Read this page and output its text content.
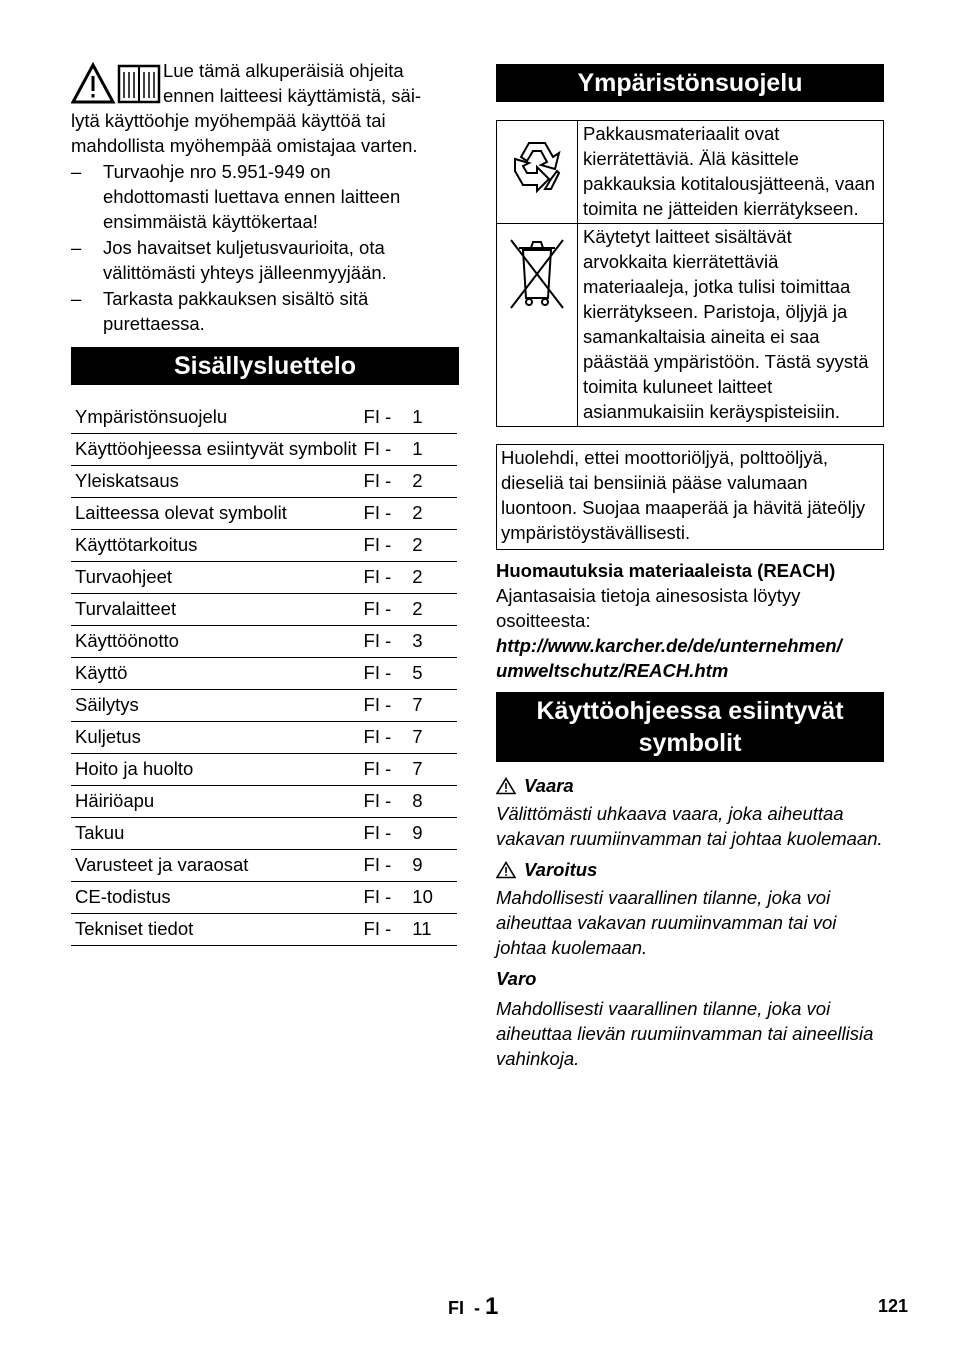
Lue tämä alkuperäisiä ohjeita
ennen laitteesi käyttämistä, säi-
lytä käyttöohje myöhempää käyttöä tai
mahdollista myöhempää omistajaa varten.

– Turvaohje nro 5.951-949 on ehdottomasti luettava ennen laitteen ensimmäistä käyttökertaa!
– Jos havaitset kuljetusvaurioita, ota välittömästi yhteys jälleenmyyjään.
– Tarkasta pakkauksen sisältö sitä purettaessa.
Sisällysluettelo
Ympäristönsuojelu	FI -	1
Käyttöohjeessa esiintyvät symbolit	FI -	1
Yleiskatsaus	FI -	2
Laitteessa olevat symbolit	FI -	2
Käyttötarkoitus	FI -	2
Turvaohjeet	FI -	2
Turvalaitteet	FI -	2
Käyttöönotto	FI -	3
Käyttö	FI -	5
Säilytys	FI -	7
Kuljetus	FI -	7
Hoito ja huolto	FI -	7
Häiriöapu	FI -	8
Takuu	FI -	9
Varusteet ja varaosat	FI -	9
CE-todistus	FI -	10
Tekniset tiedot	FI -	11
Ympäristönsuojelu
	Pakkausmateriaalit ovat kierrätettäviä. Älä käsittele pakkauksia kotitalousjätteenä, vaan toimita ne jätteiden kierrätykseen.
	Käytetyt laitteet sisältävät arvokkaita kierrätettäviä materiaaleja, jotka tulisi toimittaa kierrätykseen. Paristoja, öljyjä ja samankaltaisia aineita ei saa päästää ympäristöön. Tästä syystä toimita kuluneet laitteet asianmukaisiin keräyspisteisiin.
Huolehdi, ettei moottoriöljyä, polttoöljyä, dieseliä tai bensiiniä pääse valumaan luontoon. Suojaa maaperää ja hävitä jäteöljy ympäristöystävällisesti.

Huomautuksia materiaaleista (REACH)

Ajantasaisia tietoja ainesosista löytyy osoitteesta:

http://www.karcher.de/de/unternehmen/
umweltschutz/REACH.htm

Käyttöohjeessa esiintyvät symbolit
Vaara

Välittömästi uhkaava vaara, joka aiheuttaa vakavan ruumiinvamman tai johtaa kuolemaan.

Varoitus

Mahdollisesti vaarallinen tilanne, joka voi aiheuttaa vakavan ruumiinvamman tai voi johtaa kuolemaan.

Varo

Mahdollisesti vaarallinen tilanne, joka voi aiheuttaa lievän ruumiinvamman tai aineellisia vahinkoja.

FI - 1	121
